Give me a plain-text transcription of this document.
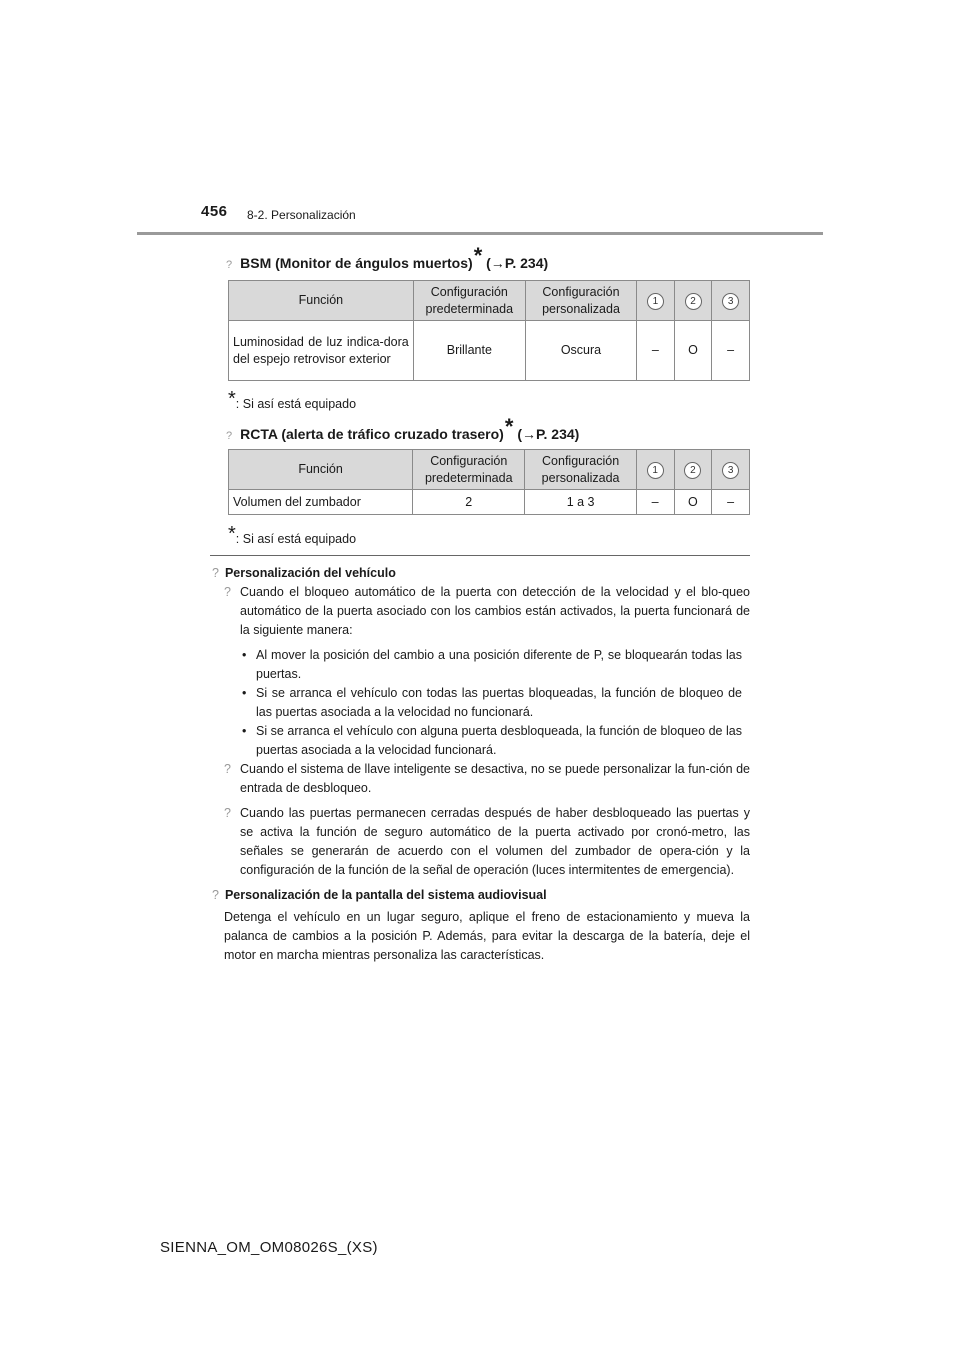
456 8-2. Personalización
? BSM (Monitor de ángulos muertos)* (→P. 234)
Función	Configuración predeterminada	Configuración personalizada	1	2	3
Luminosidad de luz indica-dora del espejo retrovisor exterior	Brillante	Oscura	–	O	–
*: Si así está equipado
? RCTA (alerta de tráfico cruzado trasero)* (→P. 234)
Función	Configuración predeterminada	Configuración personalizada	1	2	3
Volumen del zumbador	2	1 a 3	–	O	–
*: Si así está equipado

? Personalización del vehículo

? Cuando el bloqueo automático de la puerta con detección de la velocidad y el blo-queo automático de la puerta asociado con los cambios están activados, la puerta funcionará de la siguiente manera:

• Al mover la posición del cambio a una posición diferente de P, se bloquearán todas las puertas.

• Si se arranca el vehículo con todas las puertas bloqueadas, la función de bloqueo de las puertas asociada a la velocidad no funcionará.

• Si se arranca el vehículo con alguna puerta desbloqueada, la función de bloqueo de las puertas asociada a la velocidad funcionará.

? Cuando el sistema de llave inteligente se desactiva, no se puede personalizar la fun-ción de entrada de desbloqueo.

? Cuando las puertas permanecen cerradas después de haber desbloqueado las puertas y se activa la función de seguro automático de la puerta activado por cronó-metro, las señales se generarán de acuerdo con el volumen del zumbador de opera-ción y la configuración de la función de la señal de operación (luces intermitentes de emergencia).

? Personalización de la pantalla del sistema audiovisual

Detenga el vehículo en un lugar seguro, aplique el freno de estacionamiento y mueva la palanca de cambios a la posición P. Además, para evitar la descarga de la batería, deje el motor en marcha mientras personaliza las características.

SIENNA_OM_OM08026S_(XS)
